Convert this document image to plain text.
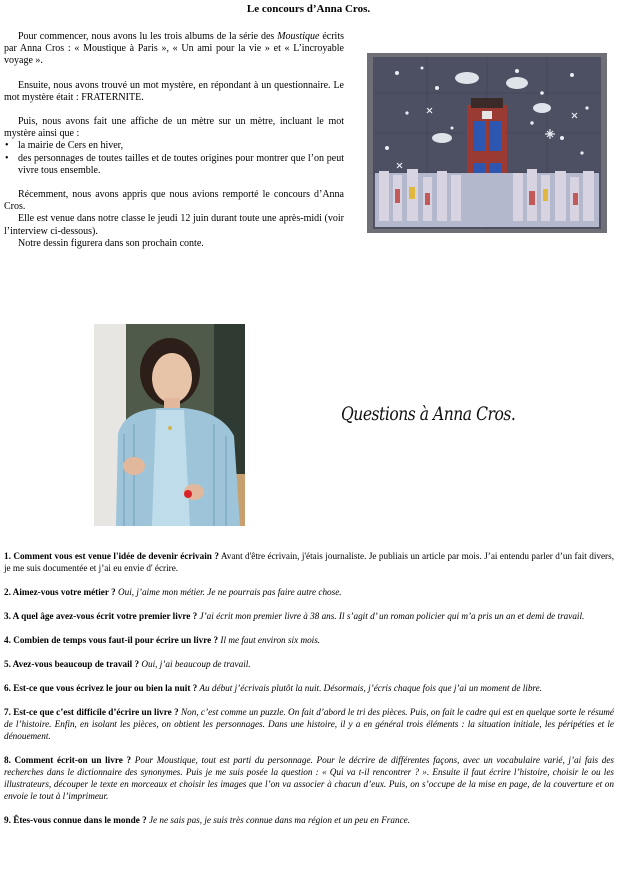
Le concours d’Anna Cros.

Pour commencer, nous avons lu les trois albums de la série des Moustique écrits par Anna Cros : « Moustique à Paris », « Un ami pour la vie » et « L’incroyable voyage ».

Ensuite, nous avons trouvé un mot mystère, en répondant à un questionnaire. Le mot mystère était : FRATERNITE.

Puis, nous avons fait une affiche de un mètre sur un mètre, incluant le mot mystère ainsi que :

• la mairie de Cers en hiver,
• des personnages de toutes tailles et de toutes origines pour montrer que l’on peut vivre tous ensemble.

Récemment, nous avons appris que nous avions remporté le concours d’Anna Cros.

Elle est venue dans notre classe le jeudi 12 juin durant toute une après-midi (voir l’interview ci-dessous).

Notre dessin figurera dans son prochain conte.

Questions à Anna Cros.

1. Comment vous est venue l'idée de devenir écrivain ? Avant d'être écrivain, j'étais journaliste. Je publiais un article par mois. J’ai entendu parler d’un fait divers, je me suis documentée et j’ai eu envie d' écrire.

2. Aimez-vous votre métier ? Oui, j’aime mon métier. Je ne pourrais pas faire autre chose.

3. A quel âge avez-vous écrit votre premier livre ? J’ai écrit mon premier livre à 38 ans. Il s’agit d’ un roman policier qui m’a pris un an et demi de travail.

4. Combien de temps vous faut-il pour écrire un livre ? Il me faut environ six mois.

5. Avez-vous beaucoup de travail ? Oui, j’ai beaucoup de travail.

6. Est-ce que vous écrivez le jour ou bien la nuit ? Au début j’écrivais plutôt la nuit. Désormais, j’écris chaque fois que j’ai un moment de libre.

7. Est-ce que c’est difficile d’écrire un livre ? Non, c’est comme un puzzle. On fait d’abord le tri des pièces. Puis, on fait le cadre qui est en quelque sorte le résumé de l’histoire. Enfin, en isolant les pièces, on obtient les personnages. Dans une histoire, il y a en général trois éléments : la situation initiale, les péripéties et le dénouement.

8. Comment écrit-on un livre ? Pour Moustique, tout est parti du personnage. Pour le décrire de différentes façons, avec un vocabulaire varié, j’ai fais des recherches dans le dictionnaire des synonymes. Puis je me suis posée la question : « Qui va t-il rencontrer ? ». Ensuite il faut écrire l’histoire, choisir le ou les illustrateurs, découper le texte en morceaux et choisir les images que l’on va associer à chacun d’eux. Puis, on s’occupe de la mise en page, de la couverture et on envoie le tout à l’imprimeur.

9. Êtes-vous connue dans le monde ? Je ne sais pas, je suis très connue dans ma région et un peu en France.
